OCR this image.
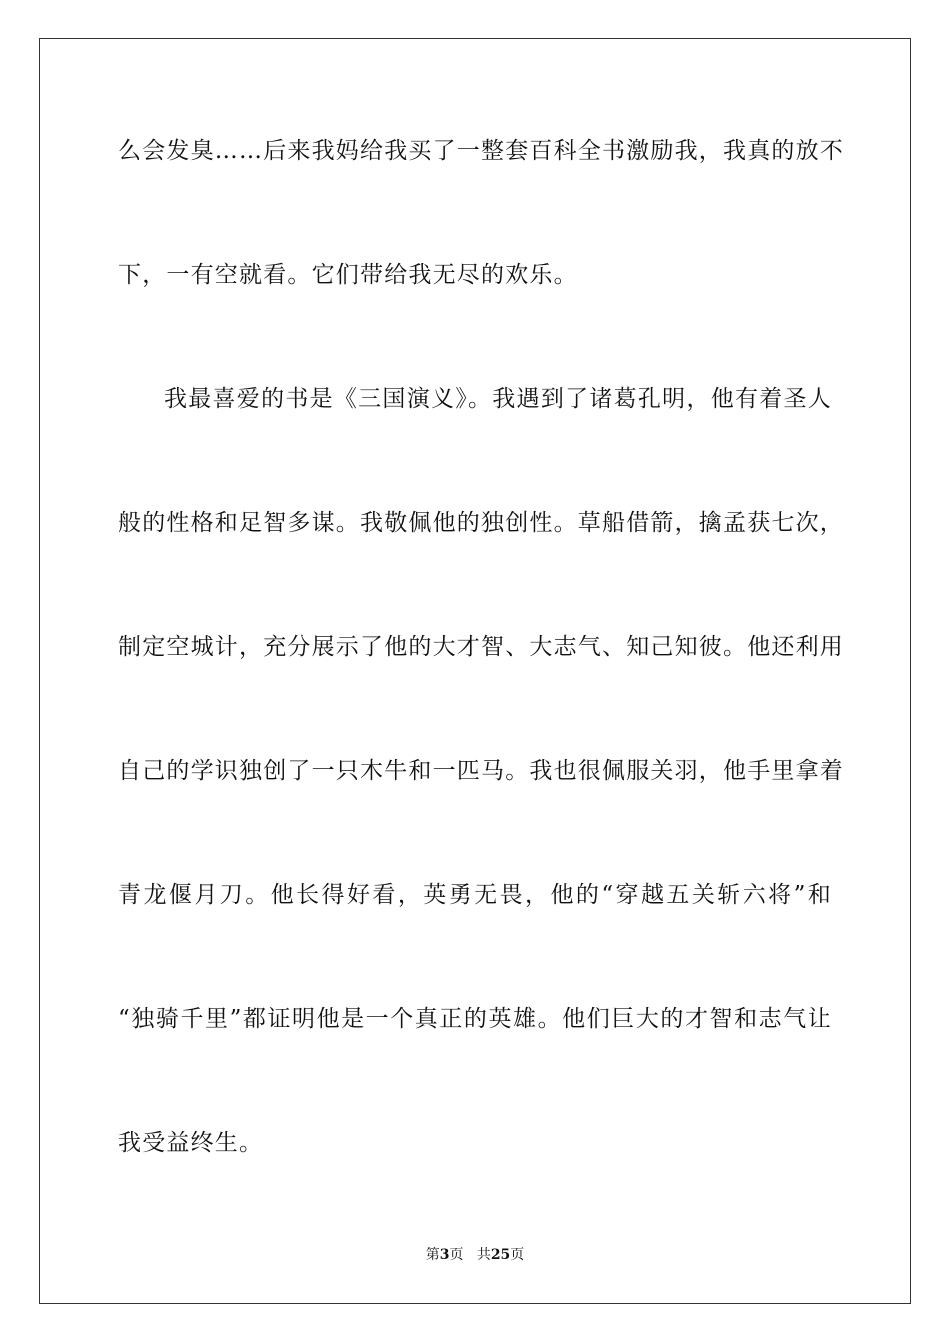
么会发臭……后来我妈给我买了一整套百科全书激励我，我真的放不
下，一有空就看。它们带给我无尽的欢乐。
我最喜爱的书是《三国演义》。我遇到了诸葛孔明，他有着圣人
般的性格和足智多谋。我敬佩他的独创性。草船借箭，擒孟获七次，
制定空城计，充分展示了他的大才智、大志气、知己知彼。他还利用
自己的学识独创了一只木牛和一匹马。我也很佩服关羽，他手里拿着
青龙偃月刀。他长得好看，英勇无畏，他的“穿越五关斩六将”和
“独骑千里”都证明他是一个真正的英雄。他们巨大的才智和志气让
我受益终生。
第3页 共25页
